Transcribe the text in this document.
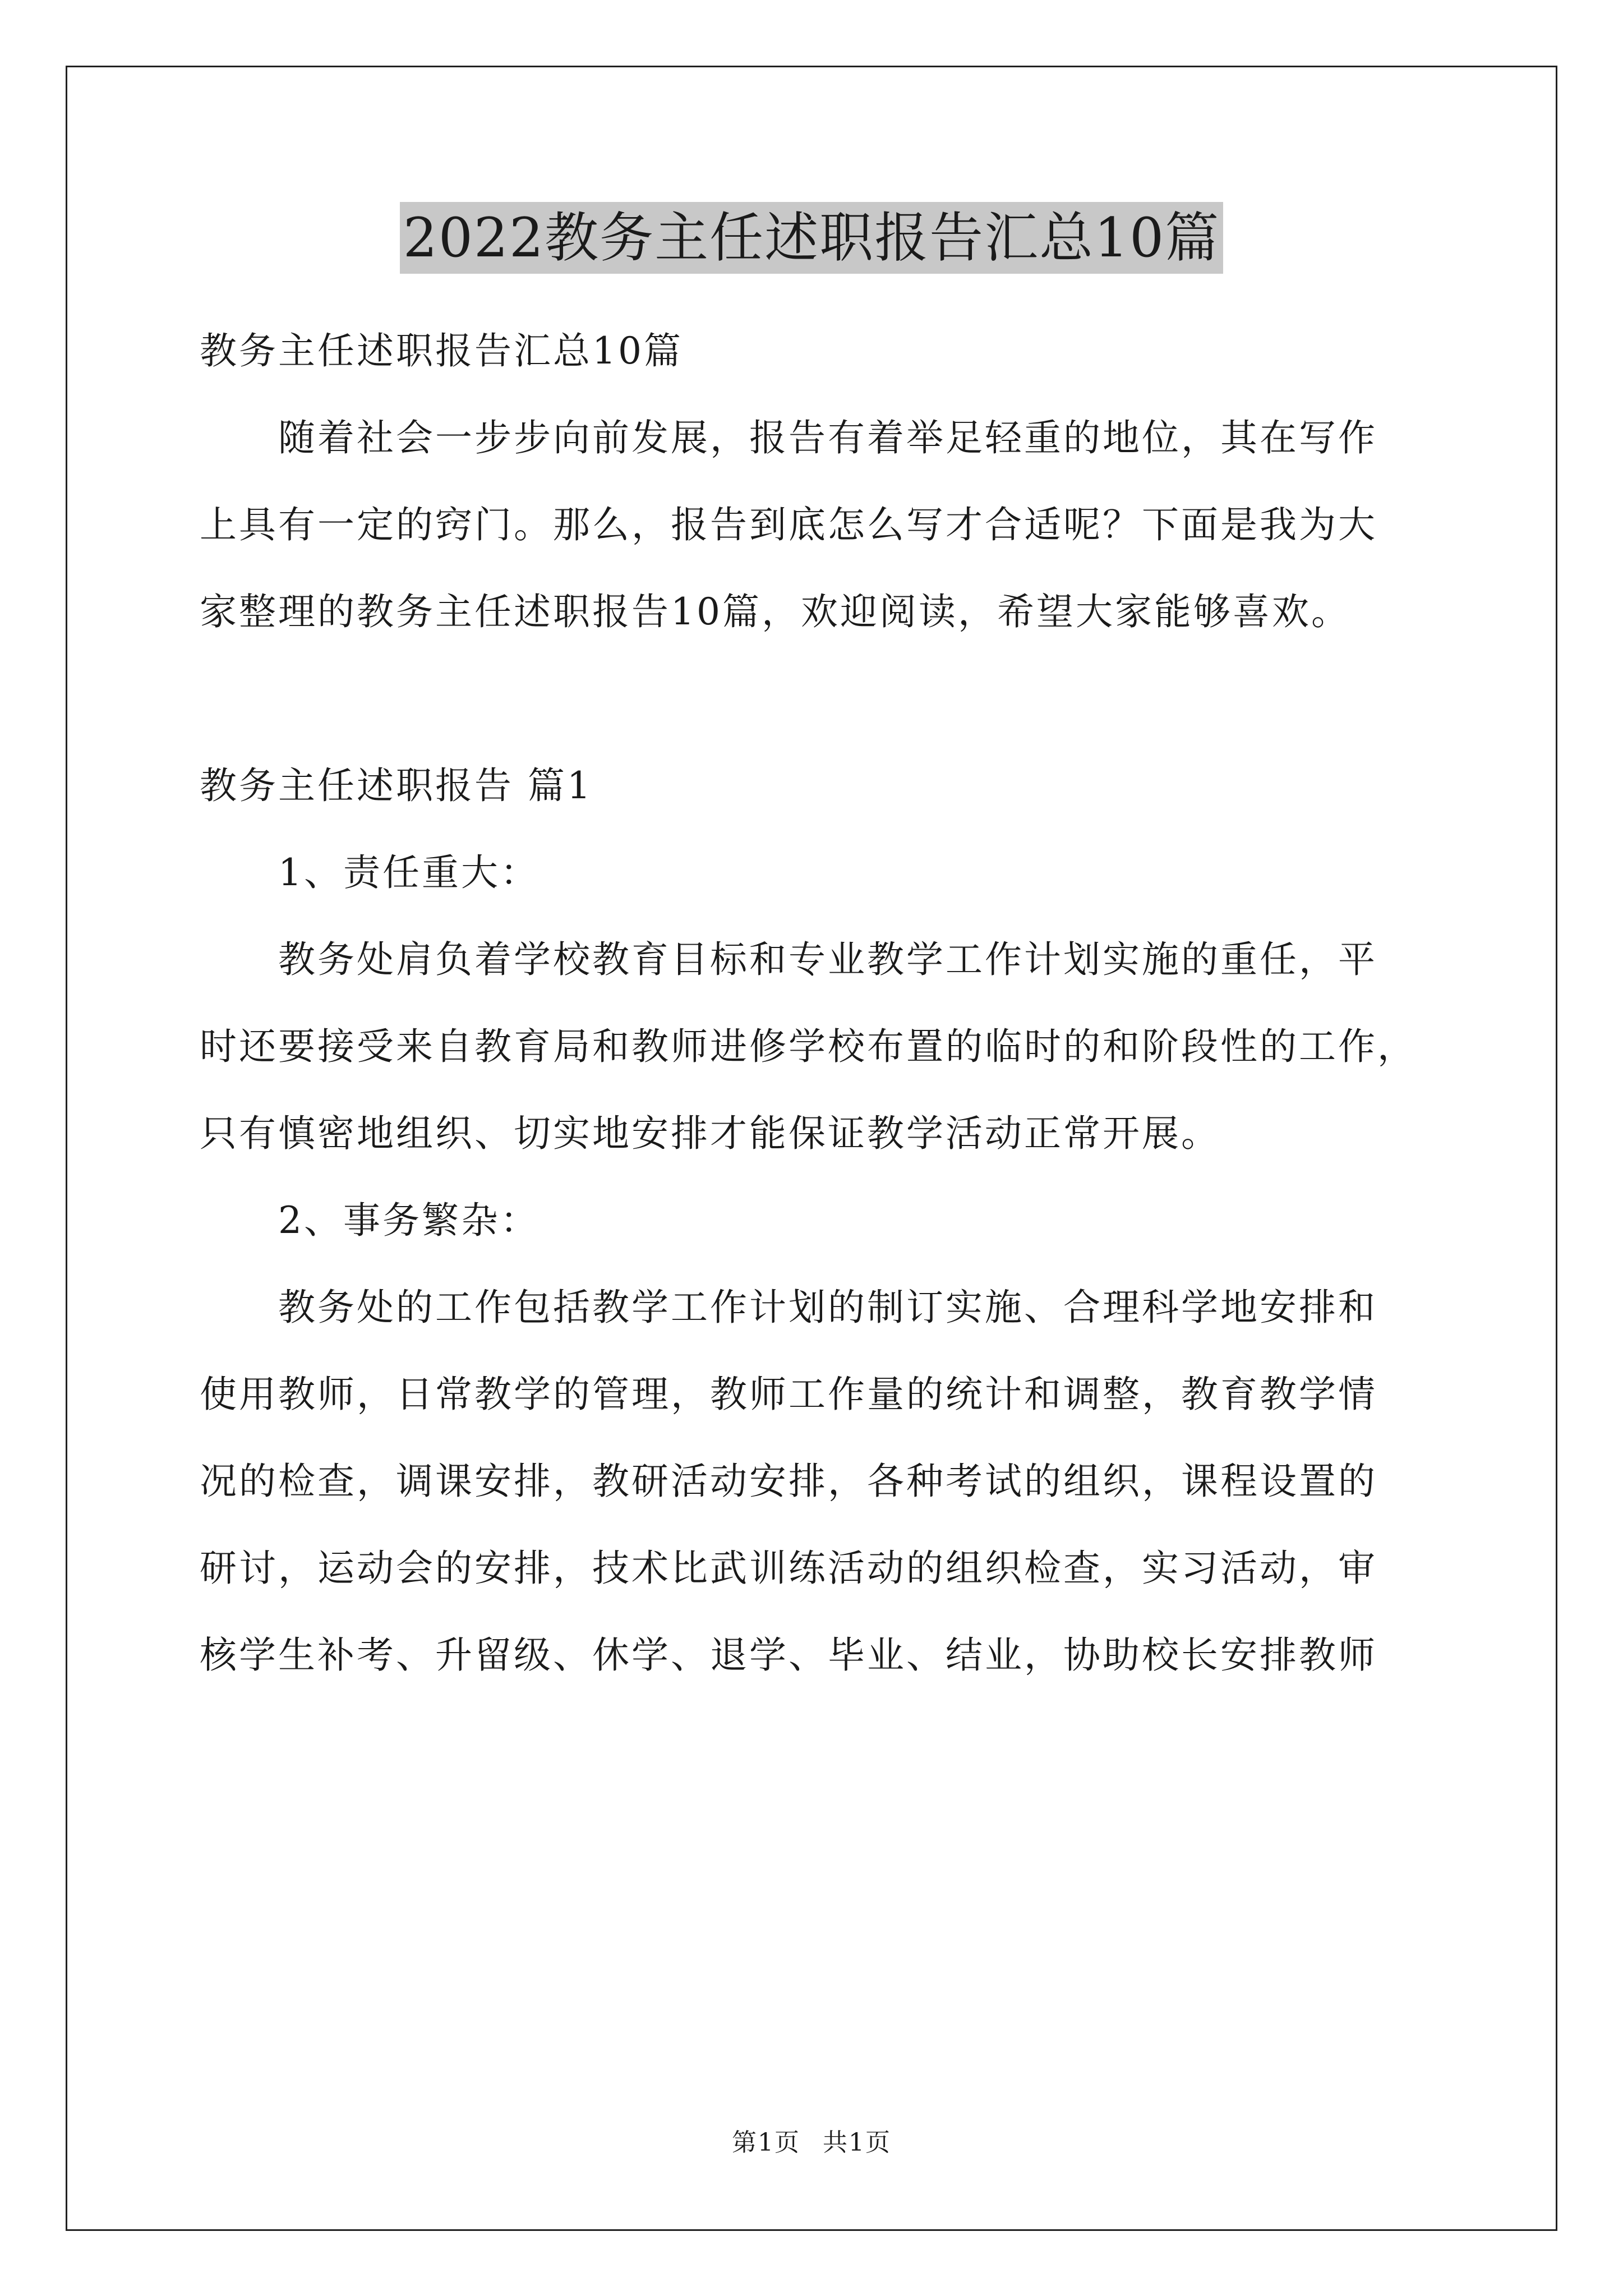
2022教务主任述职报告汇总10篇
教务主任述职报告汇总10篇
随着社会一步步向前发展，报告有着举足轻重的地位，其在写作
上具有一定的窍门。那么，报告到底怎么写才合适呢？下面是我为大
家整理的教务主任述职报告10篇，欢迎阅读，希望大家能够喜欢。
教务主任述职报告 篇1
1、责任重大：
教务处肩负着学校教育目标和专业教学工作计划实施的重任，平
时还要接受来自教育局和教师进修学校布置的临时的和阶段性的工作，
只有慎密地组织、切实地安排才能保证教学活动正常开展。
2、事务繁杂：
教务处的工作包括教学工作计划的制订实施、合理科学地安排和
使用教师，日常教学的管理，教师工作量的统计和调整，教育教学情
况的检查，调课安排，教研活动安排，各种考试的组织，课程设置的
研讨，运动会的安排，技术比武训练活动的组织检查，实习活动，审
核学生补考、升留级、休学、退学、毕业、结业，协助校长安排教师
第1页 共1页
